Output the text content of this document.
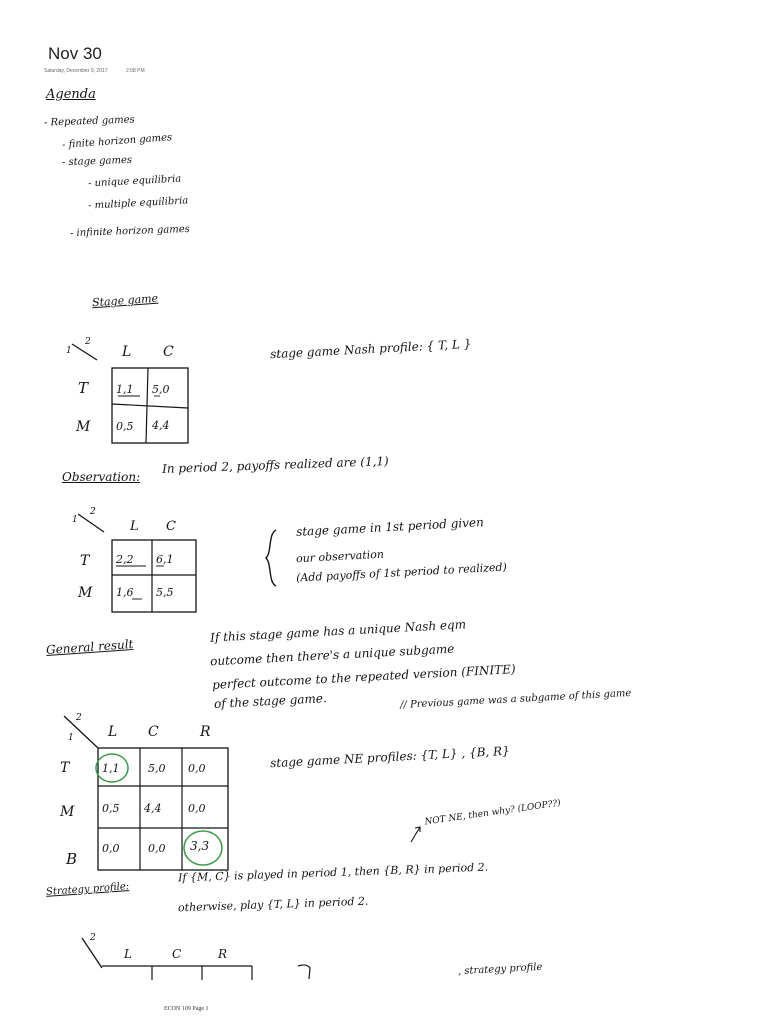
Nov 30
Saturday, December 9, 2017	2:08 PM
Agenda
- Repeated games
- finite horizon games
- stage games
- unique equilibria
- multiple equilibria
- infinite horizon games
Stage game
1
2
L C
T
M
1,1 5,0
0,5 4,4
stage game Nash profile: { T, L }
Observation:
In period 2, payoffs realized are (1,1)
1
2
L C
T
M
2,2 6,1
1,6 5,5
stage game in 1st period given
our observation
(Add payoffs of 1st period to realized)
General result
If this stage game has a unique Nash eqm
outcome then there's a unique subgame
perfect outcome to the repeated version (FINITE)
of the stage game.	// Previous game was a subgame of this game
1
2
L C	R
T
M
B
1,1	5,0 0,0
0,5 4,4 0,0
0,0	0,0 3,3
stage game NE profiles: {T, L} , {B, R}
NOT NE, then why? (LOOP??)
Strategy profile:
If {M, C} is played in period 1, then {B, R} in period 2.
otherwise, play {T, L} in period 2.
2
L	C	R
, strategy profile
ECON 109 Page 1
